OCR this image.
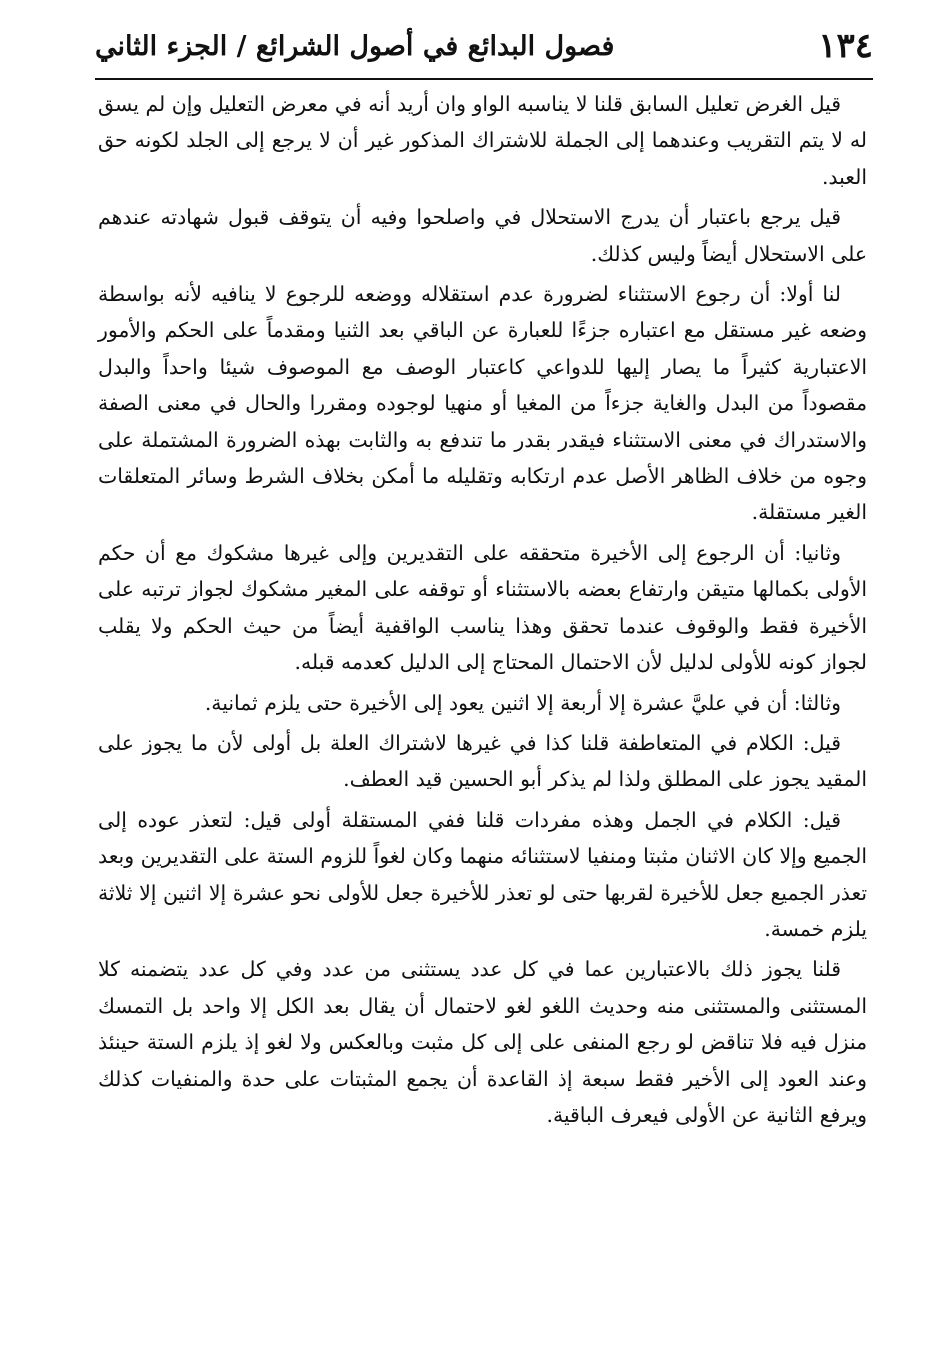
١٣٤
فصول البدائع في أصول الشرائع / الجزء الثاني

قيل الغرض تعليل السابق قلنا لا يناسبه الواو وان أريد أنه في معرض التعليل وإن لم يسق له لا يتم التقريب وعندهما إلى الجملة للاشتراك المذكور غير أن لا يرجع إلى الجلد لكونه حق العبد.

قيل يرجع باعتبار أن يدرج الاستحلال في واصلحوا وفيه أن يتوقف قبول شهادته عندهم على الاستحلال أيضاً وليس كذلك.

لنا أولا: أن رجوع الاستثناء لضرورة عدم استقلاله ووضعه للرجوع لا ينافيه لأنه بواسطة وضعه غير مستقل مع اعتباره جزءًا للعبارة عن الباقي بعد الثنيا ومقدماً على الحكم والأمور الاعتبارية كثيراً ما يصار إليها للدواعي كاعتبار الوصف مع الموصوف شيئا واحداً والبدل مقصوداً من البدل والغاية جزءاً من المغيا أو منهيا لوجوده ومقررا والحال في معنى الصفة والاستدراك في معنى الاستثناء فيقدر بقدر ما تندفع به والثابت بهذه الضرورة المشتملة على وجوه من خلاف الظاهر الأصل عدم ارتكابه وتقليله ما أمكن بخلاف الشرط وسائر المتعلقات الغير مستقلة.

وثانيا: أن الرجوع إلى الأخيرة متحققه على التقديرين وإلى غيرها مشكوك مع أن حكم الأولى بكمالها متيقن وارتفاع بعضه بالاستثناء أو توقفه على المغير مشكوك لجواز ترتبه على الأخيرة فقط والوقوف عندما تحقق وهذا يناسب الواقفية أيضاً من حيث الحكم ولا يقلب لجواز كونه للأولى لدليل لأن الاحتمال المحتاج إلى الدليل كعدمه قبله.

وثالثا: أن في عليَّ عشرة إلا أربعة إلا اثنين يعود إلى الأخيرة حتى يلزم ثمانية.

قيل: الكلام في المتعاطفة قلنا كذا في غيرها لاشتراك العلة بل أولى لأن ما يجوز على المقيد يجوز على المطلق ولذا لم يذكر أبو الحسين قيد العطف.

قيل: الكلام في الجمل وهذه مفردات قلنا ففي المستقلة أولى قيل: لتعذر عوده إلى الجميع وإلا كان الاثنان مثبتا ومنفيا لاستثنائه منهما وكان لغواً للزوم الستة على التقديرين وبعد تعذر الجميع جعل للأخيرة لقربها حتى لو تعذر للأخيرة جعل للأولى نحو عشرة إلا اثنين إلا ثلاثة يلزم خمسة.

قلنا يجوز ذلك بالاعتبارين عما في كل عدد يستثنى من عدد وفي كل عدد يتضمنه كلا المستثنى والمستثنى منه وحديث اللغو لغو لاحتمال أن يقال بعد الكل إلا واحد بل التمسك منزل فيه فلا تناقض لو رجع المنفى على إلى كل مثبت وبالعكس ولا لغو إذ يلزم الستة حينئذ وعند العود إلى الأخير فقط سبعة إذ القاعدة أن يجمع المثبتات على حدة والمنفيات كذلك ويرفع الثانية عن الأولى فيعرف الباقية.
